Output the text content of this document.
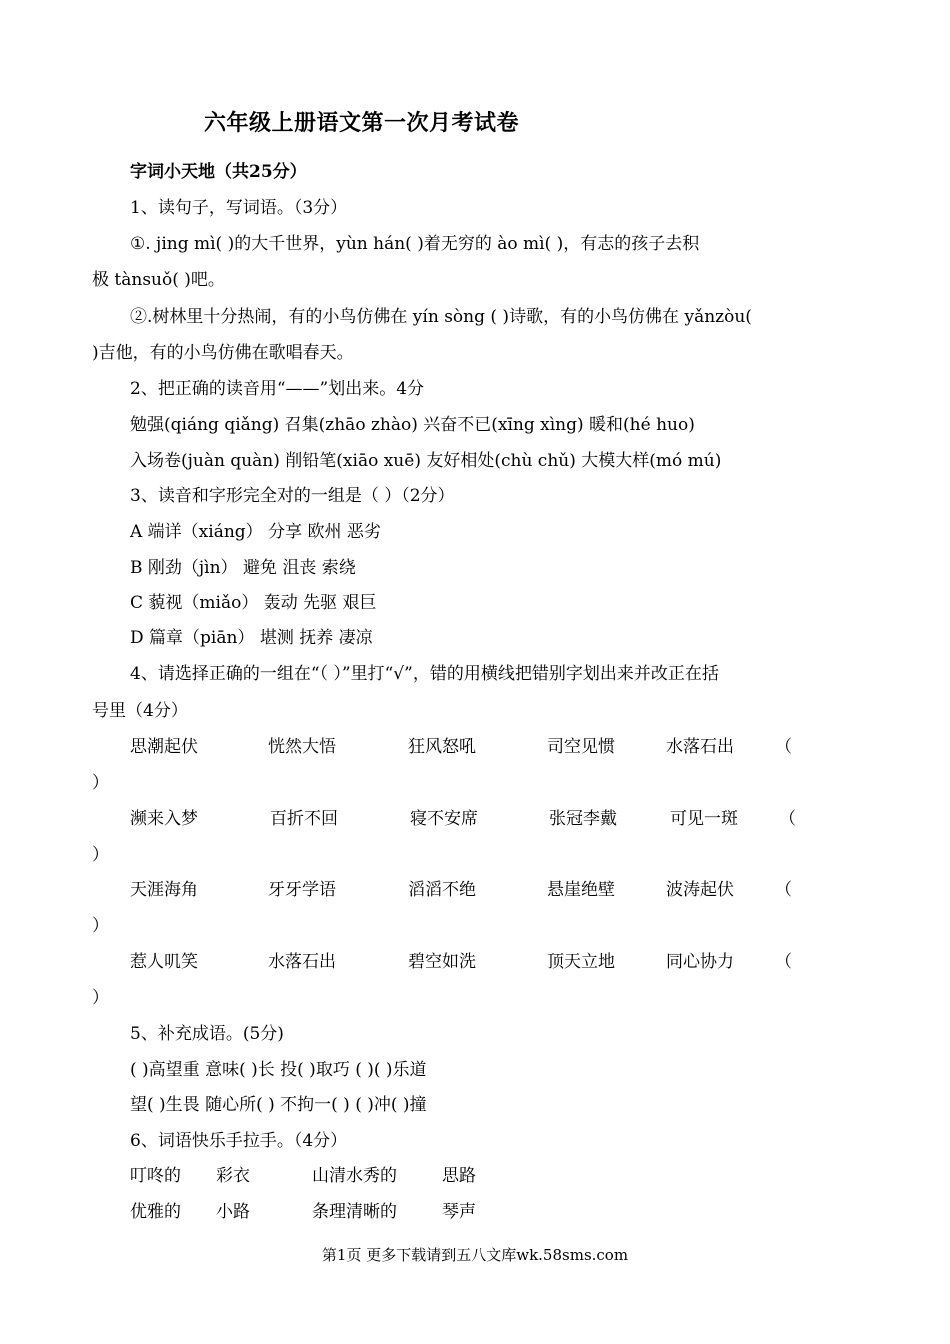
六年级上册语文第一次月考试卷
字词小天地（共25分）
1、读句子，写词语。（3分）
①. jing mì( )的大千世界，yùn hán( )着无穷的 ào mì( )，有志的孩子去积
极 tànsuǒ( )吧。
②.树林里十分热闹，有的小鸟仿佛在 yín sòng ( )诗歌，有的小鸟仿佛在 yǎnzòu(
)吉他，有的小鸟仿佛在歌唱春天。
2、把正确的读音用“——”划出来。4分
勉强(qiáng qiǎng) 召集(zhāo zhào) 兴奋不已(xīng xìng) 暖和(hé huo)
入场卷(juàn quàn) 削铅笔(xiāo xuē) 友好相处(chù chǔ) 大模大样(mó mú)
3、读音和字形完全对的一组是（ ）（2分）
A 端详（xiáng） 分享 欧州 恶劣
B 刚劲（jìn） 避免 沮丧 索绕
C 藐视（miǎo） 轰动 先驱 艰巨
D 篇章（piān） 堪测 抚养 凄凉
4、请选择正确的一组在“（ ）”里打“√”，错的用横线把错别字划出来并改正在括
号里（4分）
思潮起伏	恍然大悟	狂风怒吼	司空见惯	水落石出 （
）
濒来入梦	百折不回	寝不安席	张冠李戴	可见一斑 （
）
天涯海角	牙牙学语	滔滔不绝	悬崖绝壁	波涛起伏 （
）
惹人叽笑	水落石出	碧空如洗	顶天立地	同心协力 （
）
5、补充成语。(5分)
( )高望重 意味( )长 投( )取巧 ( )( )乐道
望( )生畏 随心所( ) 不拘一( ) ( )冲( )撞
6、词语快乐手拉手。（4分）
叮咚的 彩衣	山清水秀的	思路
优雅的 小路	条理清晰的	琴声
第1页 更多下载请到五八文库wk.58sms.com
